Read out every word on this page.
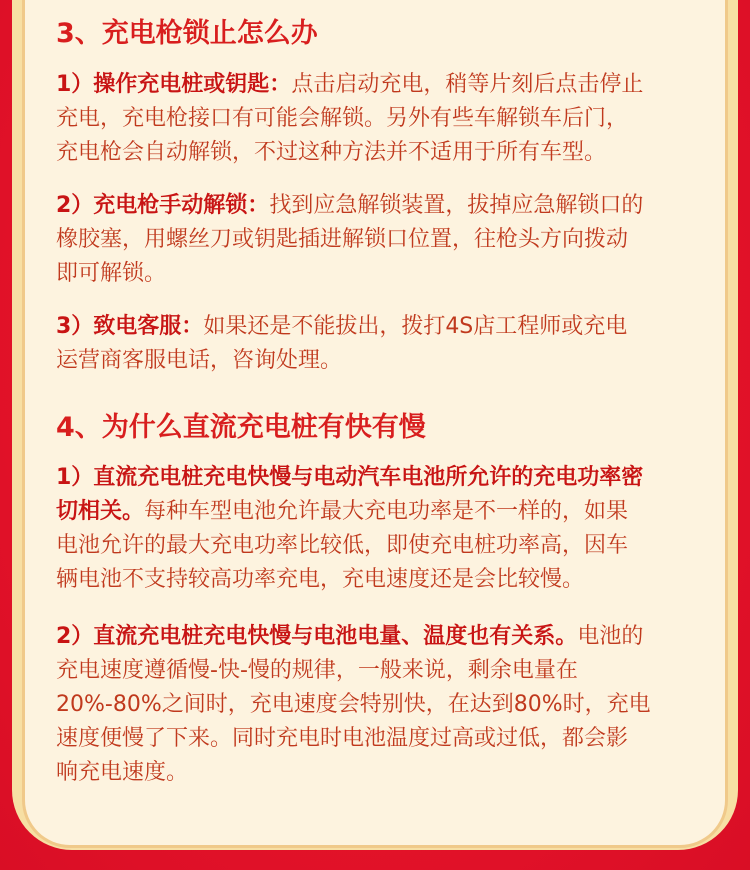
3、充电枪锁止怎么办

1）操作充电桩或钥匙：点击启动充电，稍等片刻后点击停止
充电，充电枪接口有可能会解锁。另外有些车解锁车后门，
充电枪会自动解锁，不过这种方法并不适用于所有车型。

2）充电枪手动解锁：找到应急解锁装置，拔掉应急解锁口的
橡胶塞，用螺丝刀或钥匙插进解锁口位置，往枪头方向拨动
即可解锁。

3）致电客服：如果还是不能拔出，拨打4S店工程师或充电
运营商客服电话，咨询处理。

4、为什么直流充电桩有快有慢

1）直流充电桩充电快慢与电动汽车电池所允许的充电功率密
切相关。每种车型电池允许最大充电功率是不一样的，如果
电池允许的最大充电功率比较低，即使充电桩功率高，因车
辆电池不支持较高功率充电，充电速度还是会比较慢。

2）直流充电桩充电快慢与电池电量、温度也有关系。电池的
充电速度遵循慢-快-慢的规律，一般来说，剩余电量在
20%-80%之间时，充电速度会特别快，在达到80%时，充电
速度便慢了下来。同时充电时电池温度过高或过低，都会影
响充电速度。
